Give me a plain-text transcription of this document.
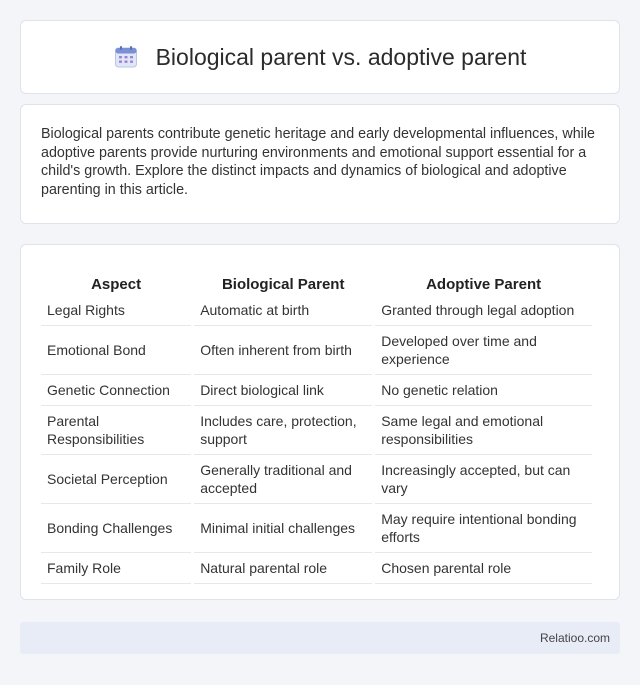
Biological parent vs. adoptive parent

Biological parents contribute genetic heritage and early developmental influences, while adoptive parents provide nurturing environments and emotional support essential for a child's growth. Explore the distinct impacts and dynamics of biological and adoptive parenting in this article.

Aspect	Biological Parent	Adoptive Parent
Legal Rights	Automatic at birth	Granted through legal adoption
Emotional Bond	Often inherent from birth	Developed over time and experience
Genetic Connection	Direct biological link	No genetic relation
Parental Responsibilities	Includes care, protection, support	Same legal and emotional responsibilities
Societal Perception	Generally traditional and accepted	Increasingly accepted, but can vary
Bonding Challenges	Minimal initial challenges	May require intentional bonding efforts
Family Role	Natural parental role	Chosen parental role
Relatioo.com
